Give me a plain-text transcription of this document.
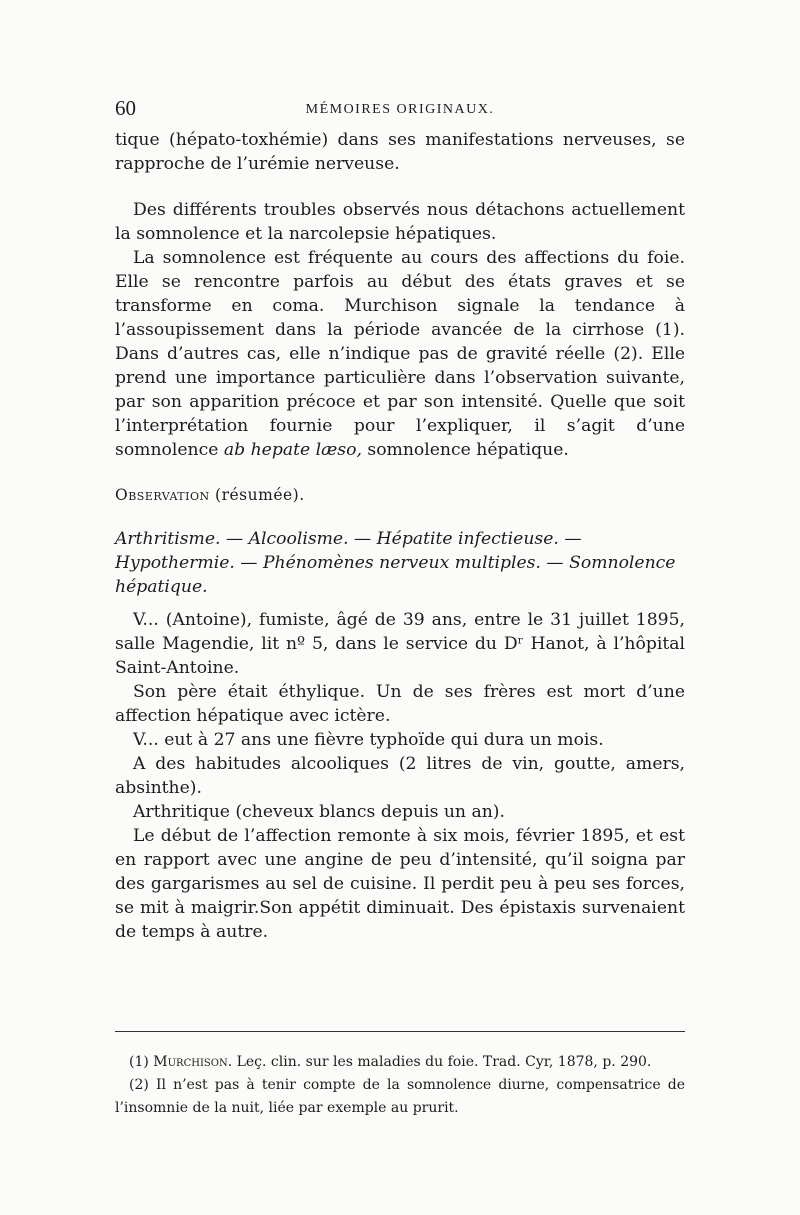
60	MÉMOIRES ORIGINAUX.

tique (hépato-toxhémie) dans ses manifestations nerveuses, se rapproche de l’urémie nerveuse.

Des différents troubles observés nous détachons actuellement la somnolence et la narcolepsie hépatiques.

La somnolence est fréquente au cours des affections du foie. Elle se rencontre parfois au début des états graves et se transforme en coma. Murchison signale la tendance à l’assoupissement dans la période avancée de la cirrhose (1). Dans d’autres cas, elle n’indique pas de gravité réelle (2). Elle prend une importance particulière dans l’observation suivante, par son apparition précoce et par son intensité. Quelle que soit l’interprétation fournie pour l’expliquer, il s’agit d’une somnolence ab hepate læso, somnolence hépatique.

Observation (résumée).

Arthritisme. — Alcoolisme. — Hépatite infectieuse. — Hypothermie. — Phénomènes nerveux multiples. — Somnolence hépatique.

V... (Antoine), fumiste, âgé de 39 ans, entre le 31 juillet 1895, salle Magendie, lit nº 5, dans le service du Dʳ Hanot, à l’hôpital Saint-Antoine.

Son père était éthylique. Un de ses frères est mort d’une affection hépatique avec ictère.

V... eut à 27 ans une fièvre typhoïde qui dura un mois.

A des habitudes alcooliques (2 litres de vin, goutte, amers, absinthe).

Arthritique (cheveux blancs depuis un an).

Le début de l’affection remonte à six mois, février 1895, et est en rapport avec une angine de peu d’intensité, qu’il soigna par des gargarismes au sel de cuisine. Il perdit peu à peu ses forces, se mit à maigrir.Son appétit diminuait. Des épistaxis survenaient de temps à autre.

(1) Murchison. Leç. clin. sur les maladies du foie. Trad. Cyr, 1878, p. 290.

(2) Il n’est pas à tenir compte de la somnolence diurne, compensatrice de l’insomnie de la nuit, liée par exemple au prurit.
